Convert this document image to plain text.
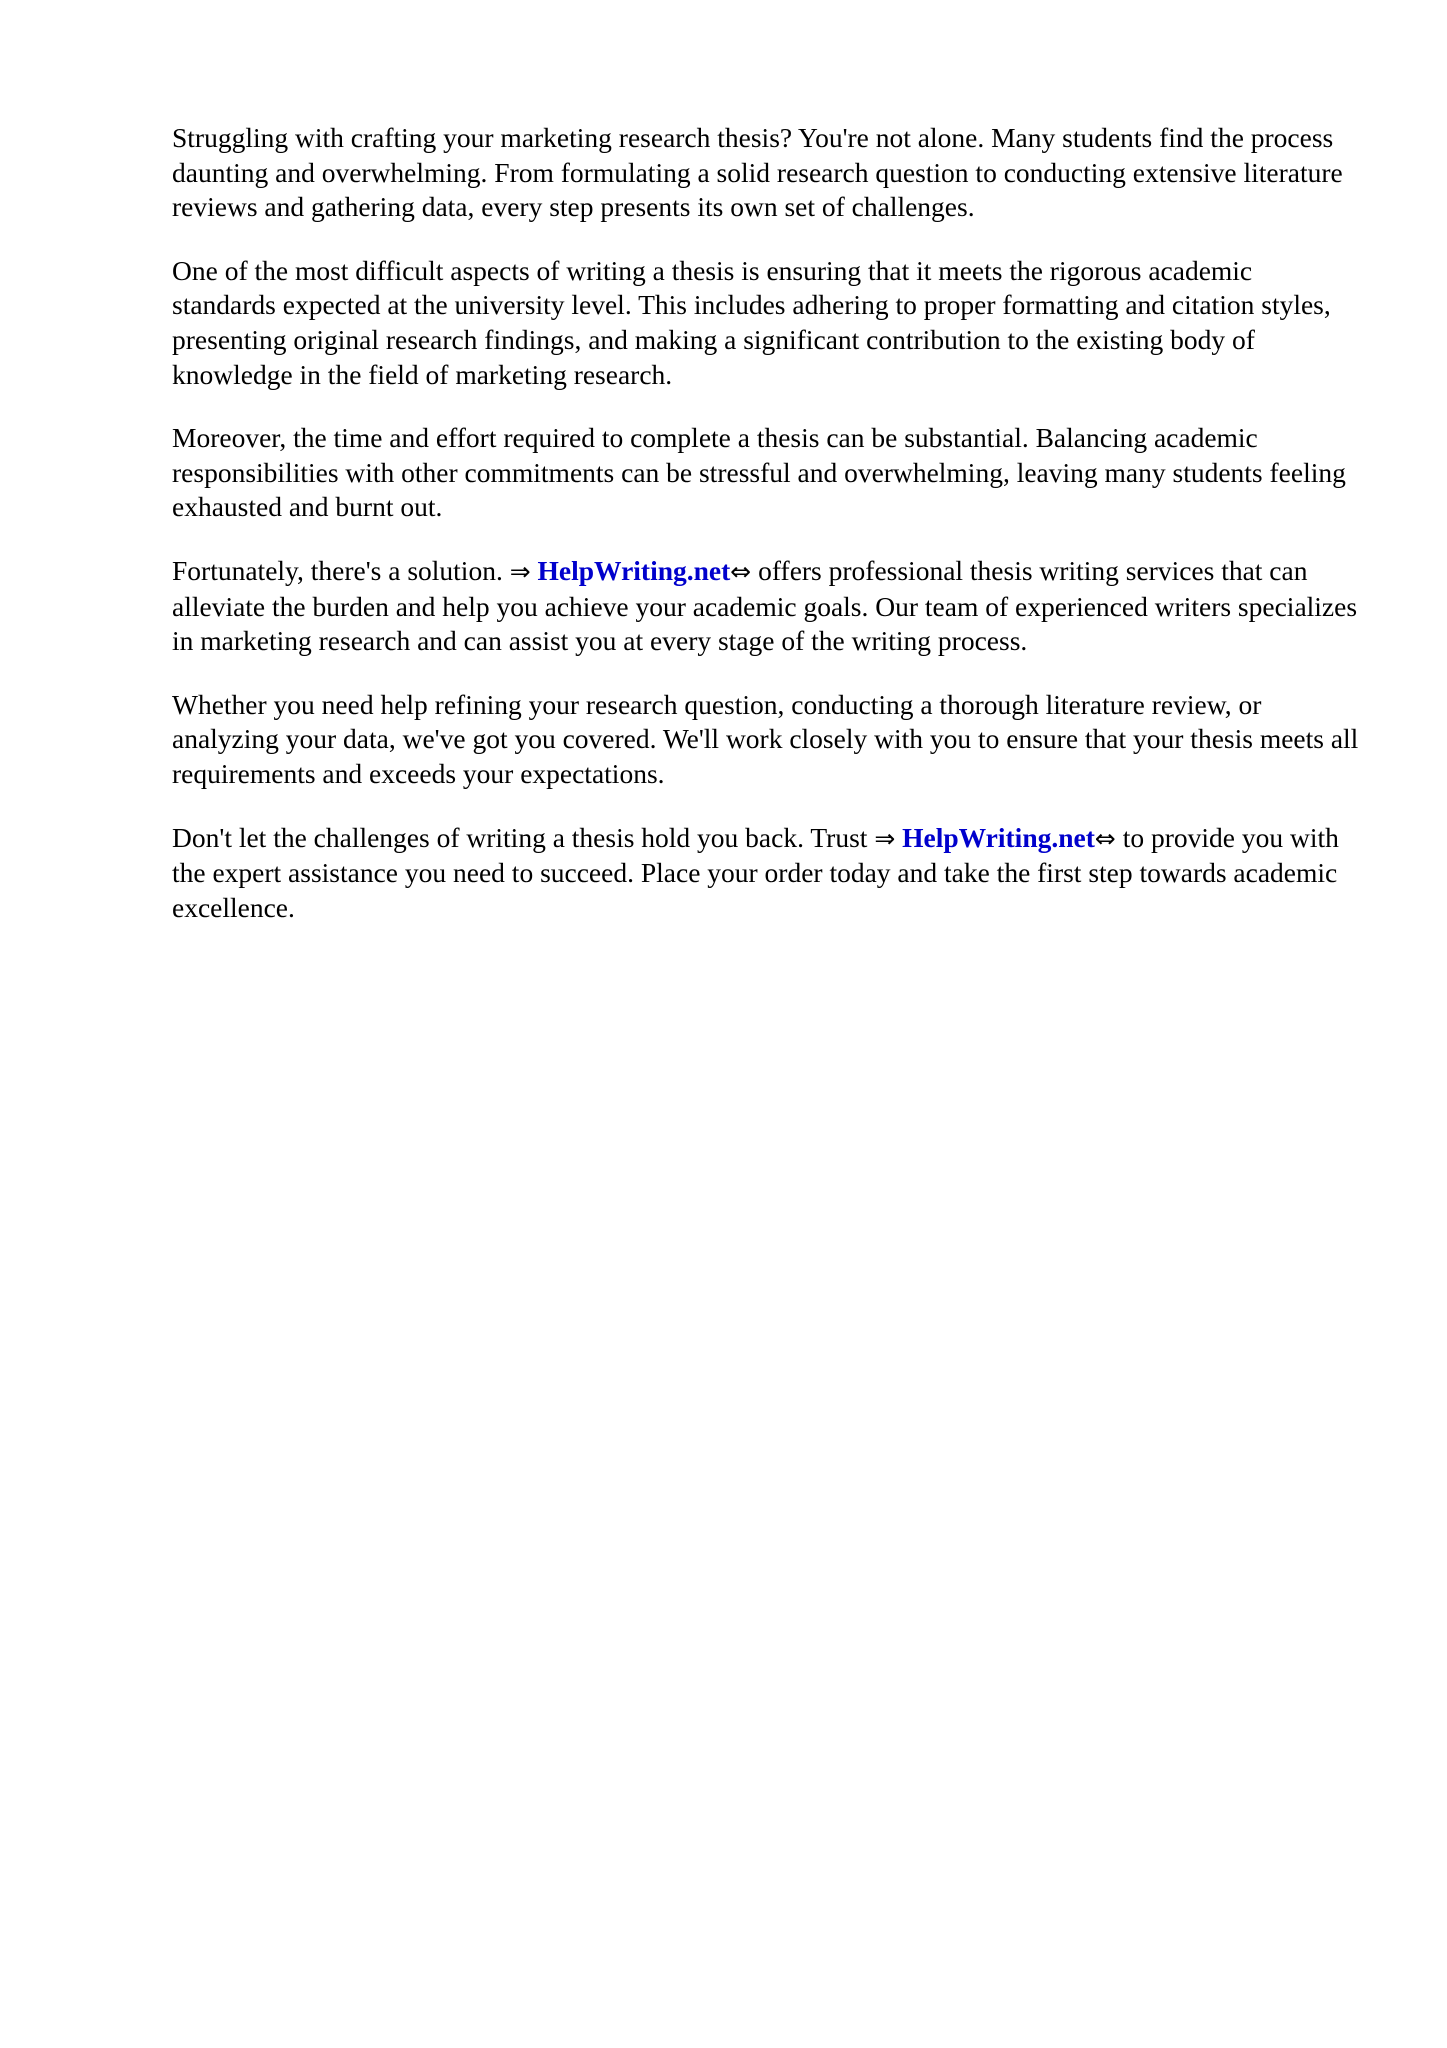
Struggling with crafting your marketing research thesis? You're not alone. Many students find the process daunting and overwhelming. From formulating a solid research question to conducting extensive literature reviews and gathering data, every step presents its own set of challenges.

One of the most difficult aspects of writing a thesis is ensuring that it meets the rigorous academic standards expected at the university level. This includes adhering to proper formatting and citation styles, presenting original research findings, and making a significant contribution to the existing body of knowledge in the field of marketing research.

Moreover, the time and effort required to complete a thesis can be substantial. Balancing academic responsibilities with other commitments can be stressful and overwhelming, leaving many students feeling exhausted and burnt out.

Fortunately, there's a solution. ⇒ HelpWriting.net⇔ offers professional thesis writing services that can alleviate the burden and help you achieve your academic goals. Our team of experienced writers specializes in marketing research and can assist you at every stage of the writing process.

Whether you need help refining your research question, conducting a thorough literature review, or analyzing your data, we've got you covered. We'll work closely with you to ensure that your thesis meets all requirements and exceeds your expectations.

Don't let the challenges of writing a thesis hold you back. Trust ⇒ HelpWriting.net⇔ to provide you with the expert assistance you need to succeed. Place your order today and take the first step towards academic excellence.
